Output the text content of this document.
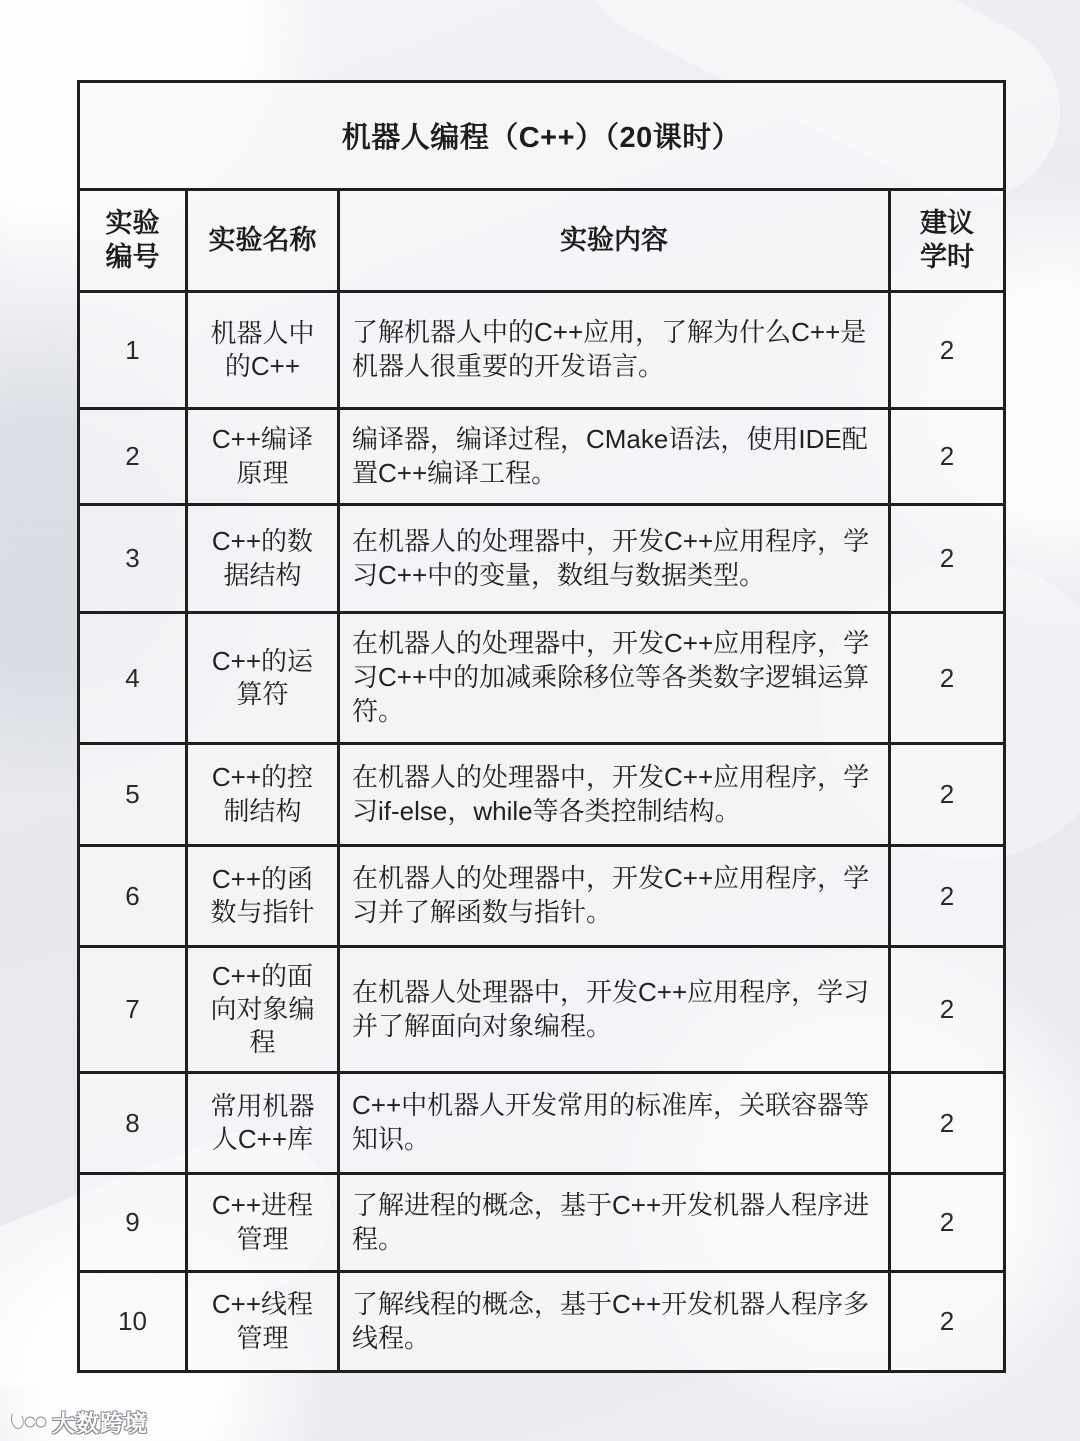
机器人编程（C++）（20课时）			

实验编号	实验名称	实验内容	建议学时

1	机器人中的C++	了解机器人中的C++应用，了解为什么C++是机器人很重要的开发语言。	2
2	C++编译原理	编译器，编译过程，CMake语法，使用IDE配置C++编译工程。	2
3	C++的数据结构	在机器人的处理器中，开发C++应用程序，学习C++中的变量，数组与数据类型。	2
4	C++的运算符	在机器人的处理器中，开发C++应用程序，学习C++中的加减乘除移位等各类数字逻辑运算符。	2
5	C++的控制结构	在机器人的处理器中，开发C++应用程序，学习if-else，while等各类控制结构。	2
6	C++的函数与指针	在机器人的处理器中，开发C++应用程序，学习并了解函数与指针。	2
7	C++的面向对象编程	在机器人处理器中，开发C++应用程序，学习并了解面向对象编程。	2
8	常用机器人C++库	C++中机器人开发常用的标准库，关联容器等知识。	2
9	C++进程管理	了解进程的概念，基于C++开发机器人程序进程。	2
10	C++线程管理	了解线程的概念，基于C++开发机器人程序多线程。	2
大数跨境
